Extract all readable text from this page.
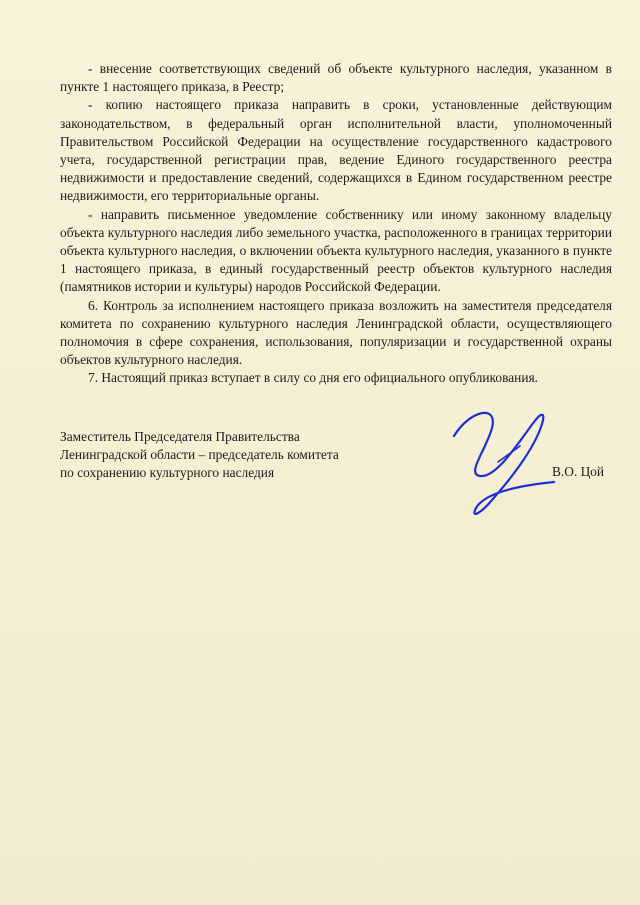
- внесение соответствующих сведений об объекте культурного наследия, указанном в пункте 1 настоящего приказа, в Реестр;

- копию настоящего приказа направить в сроки, установленные действующим законодательством, в федеральный орган исполнительной власти, уполномоченный Правительством Российской Федерации на осуществление государственного кадастрового учета, государственной регистрации прав, ведение Единого государственного реестра недвижимости и предоставление сведений, содержащихся в Едином государственном реестре недвижимости, его территориальные органы.

- направить письменное уведомление собственнику или иному законному владельцу объекта культурного наследия либо земельного участка, расположенного в границах территории объекта культурного наследия, о включении объекта культурного наследия, указанного в пункте 1 настоящего приказа, в единый государственный реестр объектов культурного наследия (памятников истории и культуры) народов Российской Федерации.

6. Контроль за исполнением настоящего приказа возложить на заместителя председателя комитета по сохранению культурного наследия Ленинградской области, осуществляющего полномочия в сфере сохранения, использования, популяризации и государственной охраны объектов культурного наследия.

7. Настоящий приказ вступает в силу со дня его официального опубликования.

Заместитель Председателя Правительства
Ленинградской области – председатель комитета
по сохранению культурного наследия	В.О. Цой
